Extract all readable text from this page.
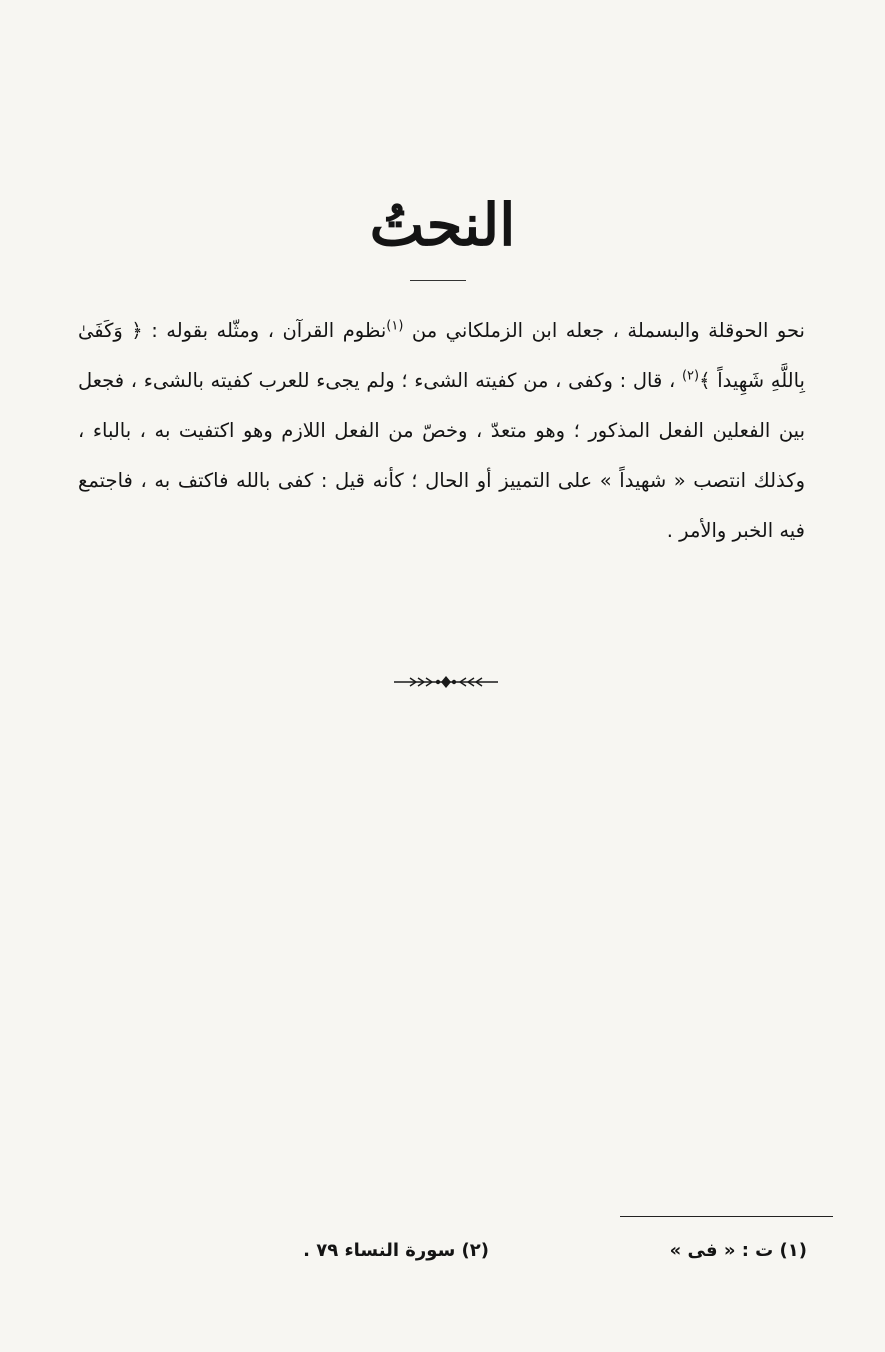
النحتُ

نحو الحوقلة والبسملة ، جعله ابن الزملكاني من $^{(١)}$نظوم القرآن ، ومثّله بقوله : ﴿ وَكَفَىٰ بِاللَّهِ شَهِيداً ﴾$^{(٢)}$ ، قال : وكفى ، من كفيته الشىء ؛ ولم يجىء للعرب كفيته بالشىء ، فجعل بين الفعلين الفعل المذكور ؛ وهو متعدّ ، وخصّ من الفعل اللازم وهو اكتفيت به ، بالباء ، وكذلك انتصب « شهيداً » على التمييز أو الحال ؛ كأنه قيل : كفى بالله فاكتف به ، فاجتمع فيه الخبر والأمر .

(١) ت : « فى »
(٢) سورة النساء ٧٩ .
